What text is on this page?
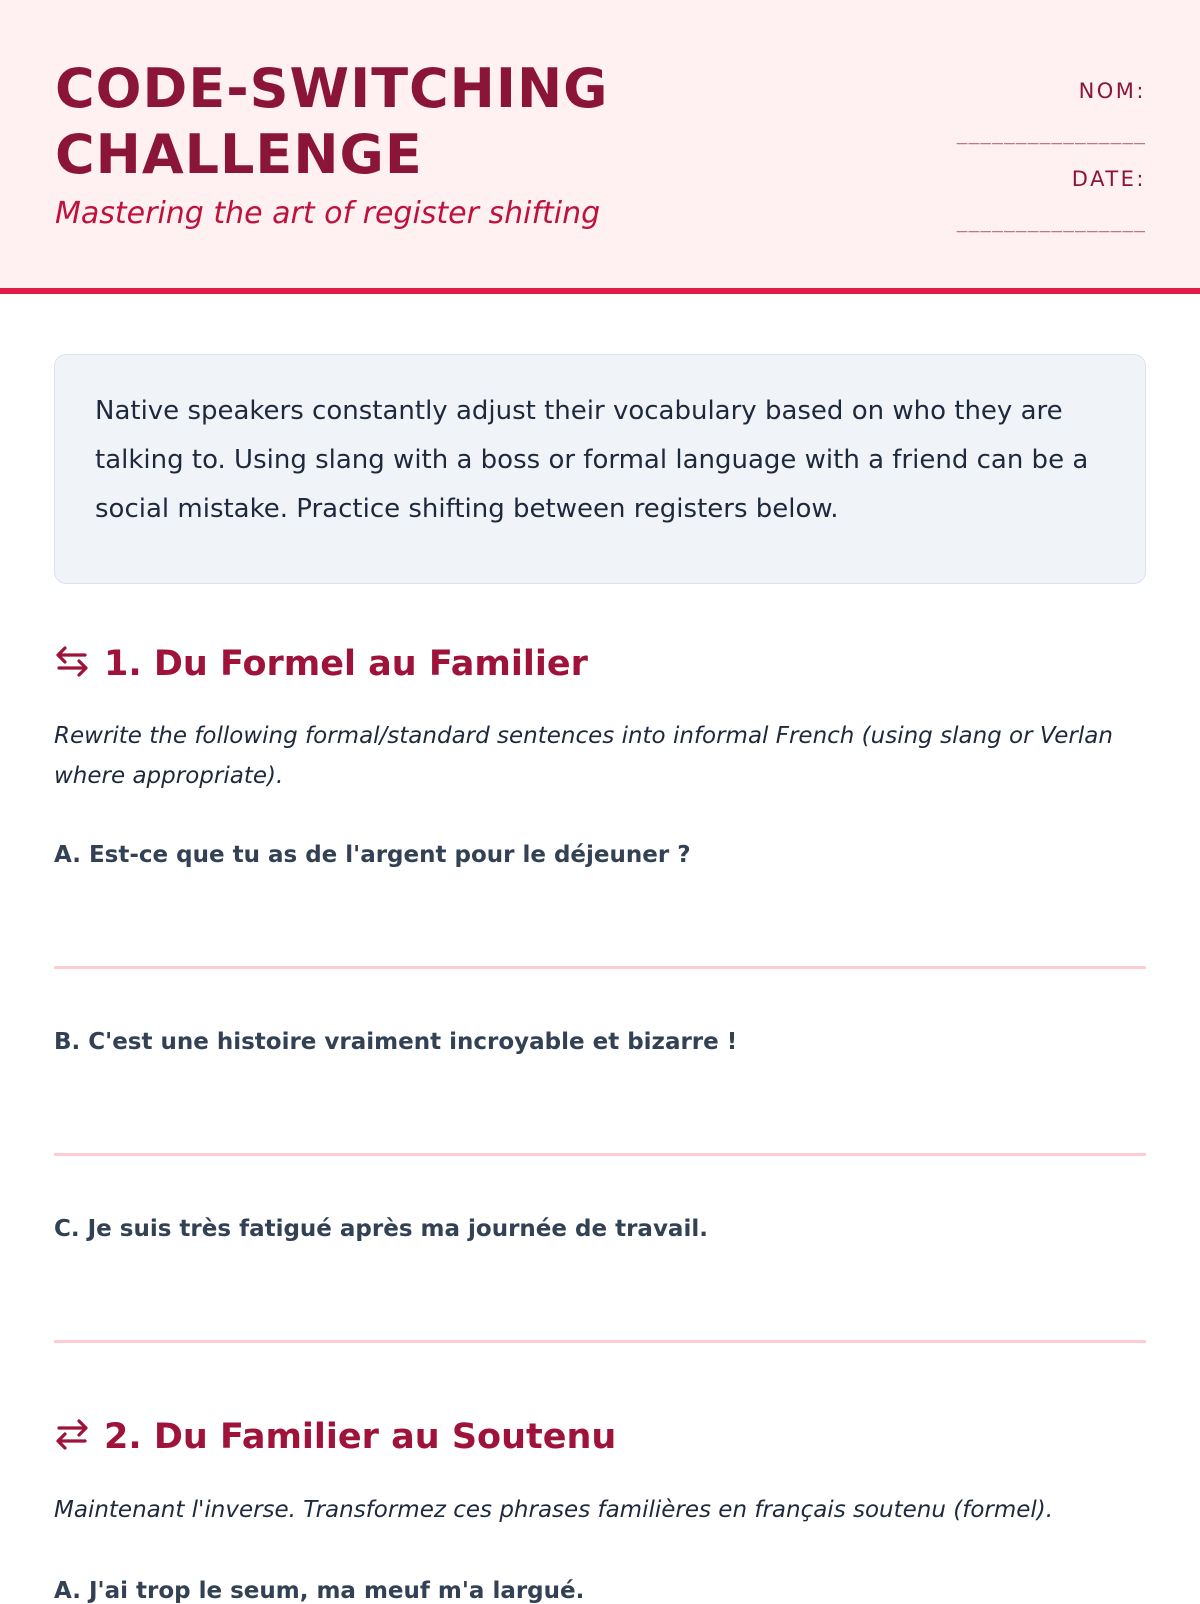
CODE-SWITCHING CHALLENGE

Mastering the art of register shifting

NOM:
________________
DATE:
________________

Native speakers constantly adjust their vocabulary based on who they are talking to. Using slang with a boss or formal language with a friend can be a social mistake. Practice shifting between registers below.

1. Du Formel au Familier

Rewrite the following formal/standard sentences into informal French (using slang or Verlan where appropriate).

A. Est-ce que tu as de l'argent pour le déjeuner ?

B. C'est une histoire vraiment incroyable et bizarre !

C. Je suis très fatigué après ma journée de travail.

2. Du Familier au Soutenu

Maintenant l'inverse. Transformez ces phrases familières en français soutenu (formel).

A. J'ai trop le seum, ma meuf m'a largué.
